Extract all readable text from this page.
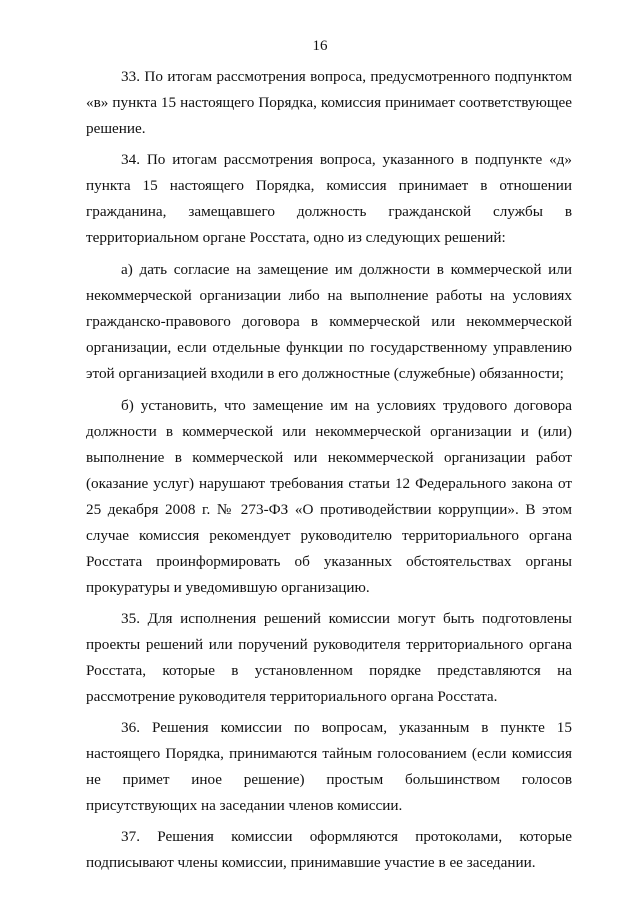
16

33. По итогам рассмотрения вопроса, предусмотренного подпунктом «в» пункта 15 настоящего Порядка, комиссия принимает соответствующее решение.

34. По итогам рассмотрения вопроса, указанного в подпункте «д» пункта 15 настоящего Порядка, комиссия принимает в отношении гражданина, замещавшего должность гражданской службы в территориальном органе Росстата, одно из следующих решений:

а) дать согласие на замещение им должности в коммерческой или некоммерческой организации либо на выполнение работы на условиях гражданско-правового договора в коммерческой или некоммерческой организации, если отдельные функции по государственному управлению этой организацией входили в его должностные (служебные) обязанности;

б) установить, что замещение им на условиях трудового договора должности в коммерческой или некоммерческой организации и (или) выполнение в коммерческой или некоммерческой организации работ (оказание услуг) нарушают требования статьи 12 Федерального закона от 25 декабря 2008 г. № 273-ФЗ «О противодействии коррупции». В этом случае комиссия рекомендует руководителю территориального органа Росстата проинформировать об указанных обстоятельствах органы прокуратуры и уведомившую организацию.

35. Для исполнения решений комиссии могут быть подготовлены проекты решений или поручений руководителя территориального органа Росстата, которые в установленном порядке представляются на рассмотрение руководителя территориального органа Росстата.

36. Решения комиссии по вопросам, указанным в пункте 15 настоящего Порядка, принимаются тайным голосованием (если комиссия не примет иное решение) простым большинством голосов присутствующих на заседании членов комиссии.

37. Решения комиссии оформляются протоколами, которые подписывают члены комиссии, принимавшие участие в ее заседании.
